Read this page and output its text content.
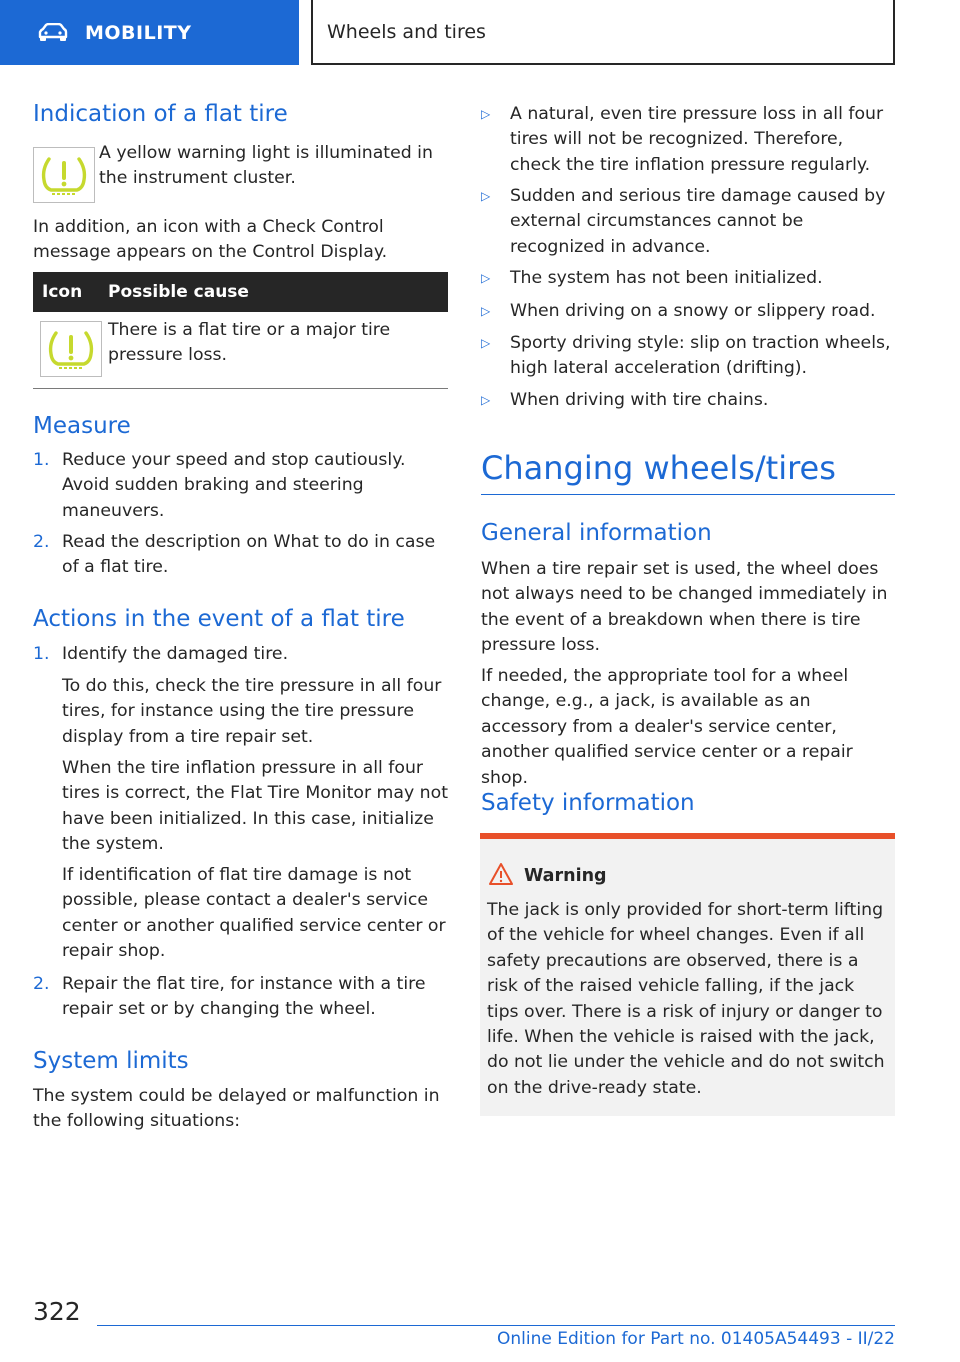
MOBILITY	Wheels and tires
Indication of a flat tire
A yellow warning light is illuminated in the instrument cluster.
In addition, an icon with a Check Control message appears on the Control Display.
Icon	Possible cause
There is a flat tire or a major tire pressure loss.
Measure
1. Reduce your speed and stop cautiously. Avoid sudden braking and steering maneuvers.
2. Read the description on What to do in case of a flat tire.
Actions in the event of a flat tire
1. Identify the damaged tire.
To do this, check the tire pressure in all four tires, for instance using the tire pressure display from a tire repair set.
When the tire inflation pressure in all four tires is correct, the Flat Tire Monitor may not have been initialized. In this case, initialize the system.
If identification of flat tire damage is not possible, please contact a dealer's service center or another qualified service center or repair shop.
2. Repair the flat tire, for instance with a tire repair set or by changing the wheel.
System limits
The system could be delayed or malfunction in the following situations:
▷ A natural, even tire pressure loss in all four tires will not be recognized. Therefore, check the tire inflation pressure regularly.
▷ Sudden and serious tire damage caused by external circumstances cannot be recognized in advance.
▷ The system has not been initialized.
▷ When driving on a snowy or slippery road.
▷ Sporty driving style: slip on traction wheels, high lateral acceleration (drifting).
▷ When driving with tire chains.
Changing wheels/tires
General information
When a tire repair set is used, the wheel does not always need to be changed immediately in the event of a breakdown when there is tire pressure loss.
If needed, the appropriate tool for a wheel change, e.g., a jack, is available as an accessory from a dealer's service center, another qualified service center or a repair shop.
Safety information
Warning
The jack is only provided for short-term lifting of the vehicle for wheel changes. Even if all safety precautions are observed, there is a risk of the raised vehicle falling, if the jack tips over. There is a risk of injury or danger to life. When the vehicle is raised with the jack, do not lie under the vehicle and do not switch on the drive-ready state.
322
Online Edition for Part no. 01405A54493 - II/22
